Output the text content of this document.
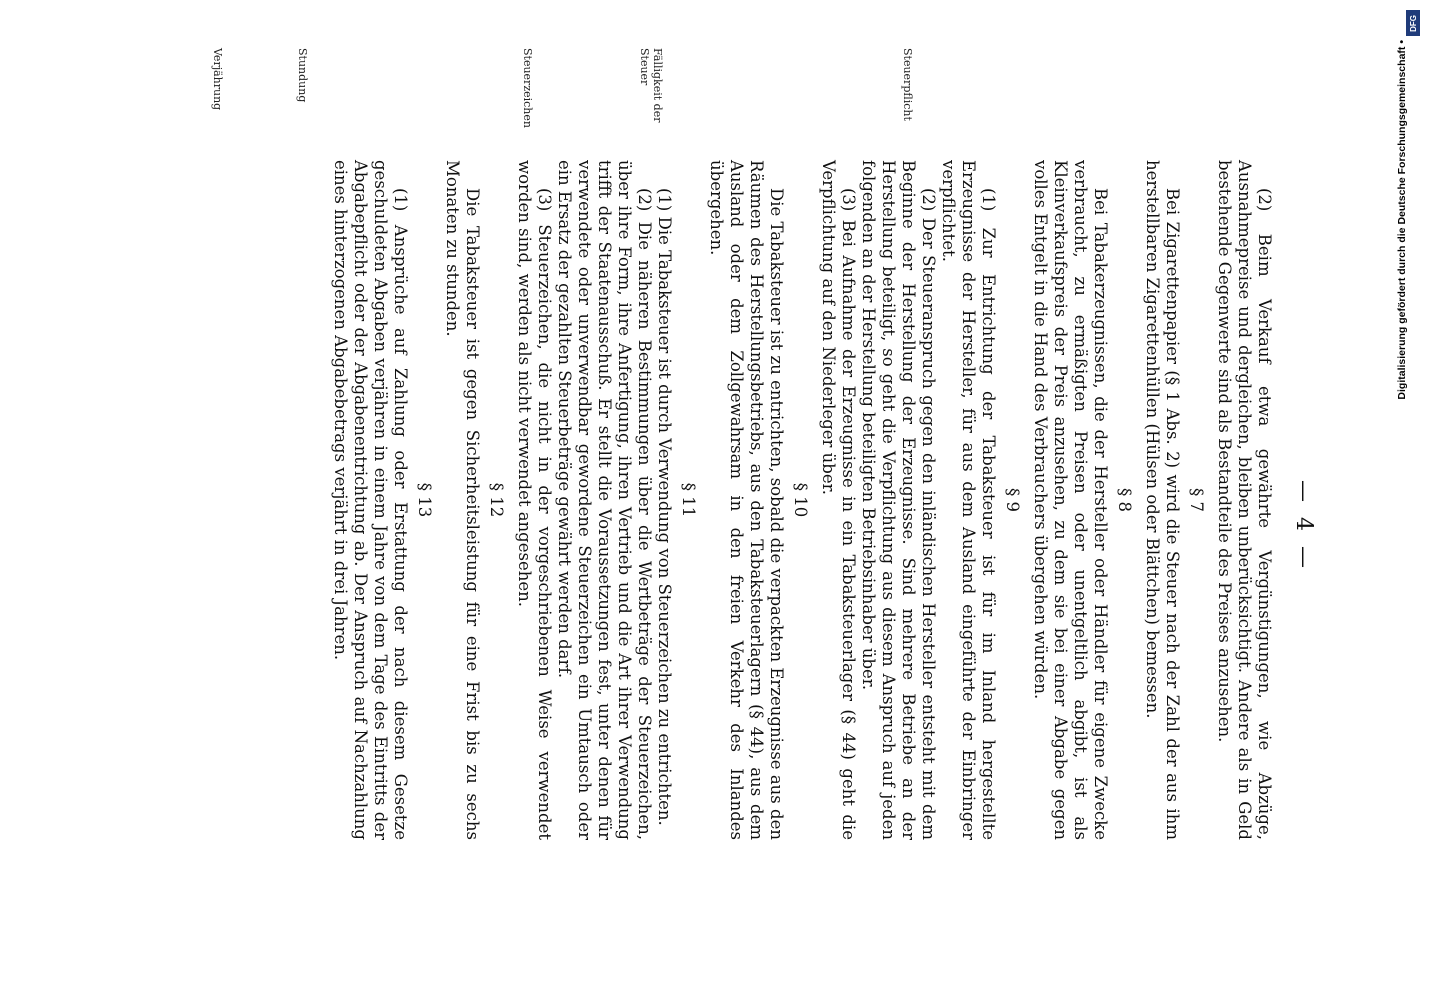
— 4 —

(2) Beim Verkauf etwa gewährte Vergünstigungen, wie Abzüge, Ausnahmepreise und dergleichen, bleiben unberücksichtigt. Andere als in Geld bestehende Gegenwerte sind als Bestandteile des Preises anzusehen.

§ 7

Bei Zigarettenpapier (§ 1 Abs. 2) wird die Steuer nach der Zahl der aus ihm herstellbaren Zigarettenhüllen (Hülsen oder Blättchen) bemessen.

§ 8

Bei Tabakerzeugnissen, die der Hersteller oder Händler für eigene Zwecke verbraucht, zu ermäßigten Preisen oder unentgeltlich abgibt, ist als Kleinverkaufspreis der Preis anzusehen, zu dem sie bei einer Abgabe gegen volles Entgelt in die Hand des Verbrauchers übergehen würden.

§ 9

(1) Zur Entrichtung der Tabaksteuer ist für im Inland hergestellte Erzeugnisse der Hersteller, für aus dem Ausland eingeführte der Einbringer verpflichtet.

(2) Der Steueranspruch gegen den inländischen Hersteller entsteht mit dem Beginne der Herstellung der Erzeugnisse. Sind mehrere Betriebe an der Herstellung beteiligt, so geht die Verpflichtung aus diesem Anspruch auf jeden folgenden an der Herstellung beteiligten Betriebsinhaber über.

(3) Bei Aufnahme der Erzeugnisse in ein Tabaksteuerlager (§ 44) geht die Verpflichtung auf den Niederleger über.

§ 10

Die Tabaksteuer ist zu entrichten, sobald die verpackten Erzeugnisse aus den Räumen des Herstellungsbetriebs, aus den Tabaksteuerlagern (§ 44), aus dem Ausland oder dem Zollgewahrsam in den freien Verkehr des Inlandes übergehen.

§ 11

(1) Die Tabaksteuer ist durch Verwendung von Steuerzeichen zu entrichten.

(2) Die näheren Bestimmungen über die Wertbeträge der Steuerzeichen, über ihre Form, ihre Anfertigung, ihren Vertrieb und die Art ihrer Verwendung trifft der Staatenausschuß. Er stellt die Voraussetzungen fest, unter denen für verwendete oder unverwendbar gewordene Steuerzeichen ein Umtausch oder ein Ersatz der gezahlten Steuerbeträge gewährt werden darf.

(3) Steuerzeichen, die nicht in der vorgeschriebenen Weise verwendet worden sind, werden als nicht verwendet angesehen.

§ 12

Die Tabaksteuer ist gegen Sicherheitsleistung für eine Frist bis zu sechs Monaten zu stunden.

§ 13

(1) Ansprüche auf Zahlung oder Erstattung der nach diesem Gesetze geschuldeten Abgaben verjähren in einem Jahre von dem Tage des Eintritts der Abgabepflicht oder der Abgabenentrichtung ab. Der Anspruch auf Nachzahlung eines hinterzogenen Abgabebetrags verjährt in drei Jahren.

Steuerpflicht
Fälligkeit der Steuer
Steuerzeichen
Stundung
Verjährung
DFG
Digitalisierung gefördert durch die Deutsche Forschungsgemeinschaft •
